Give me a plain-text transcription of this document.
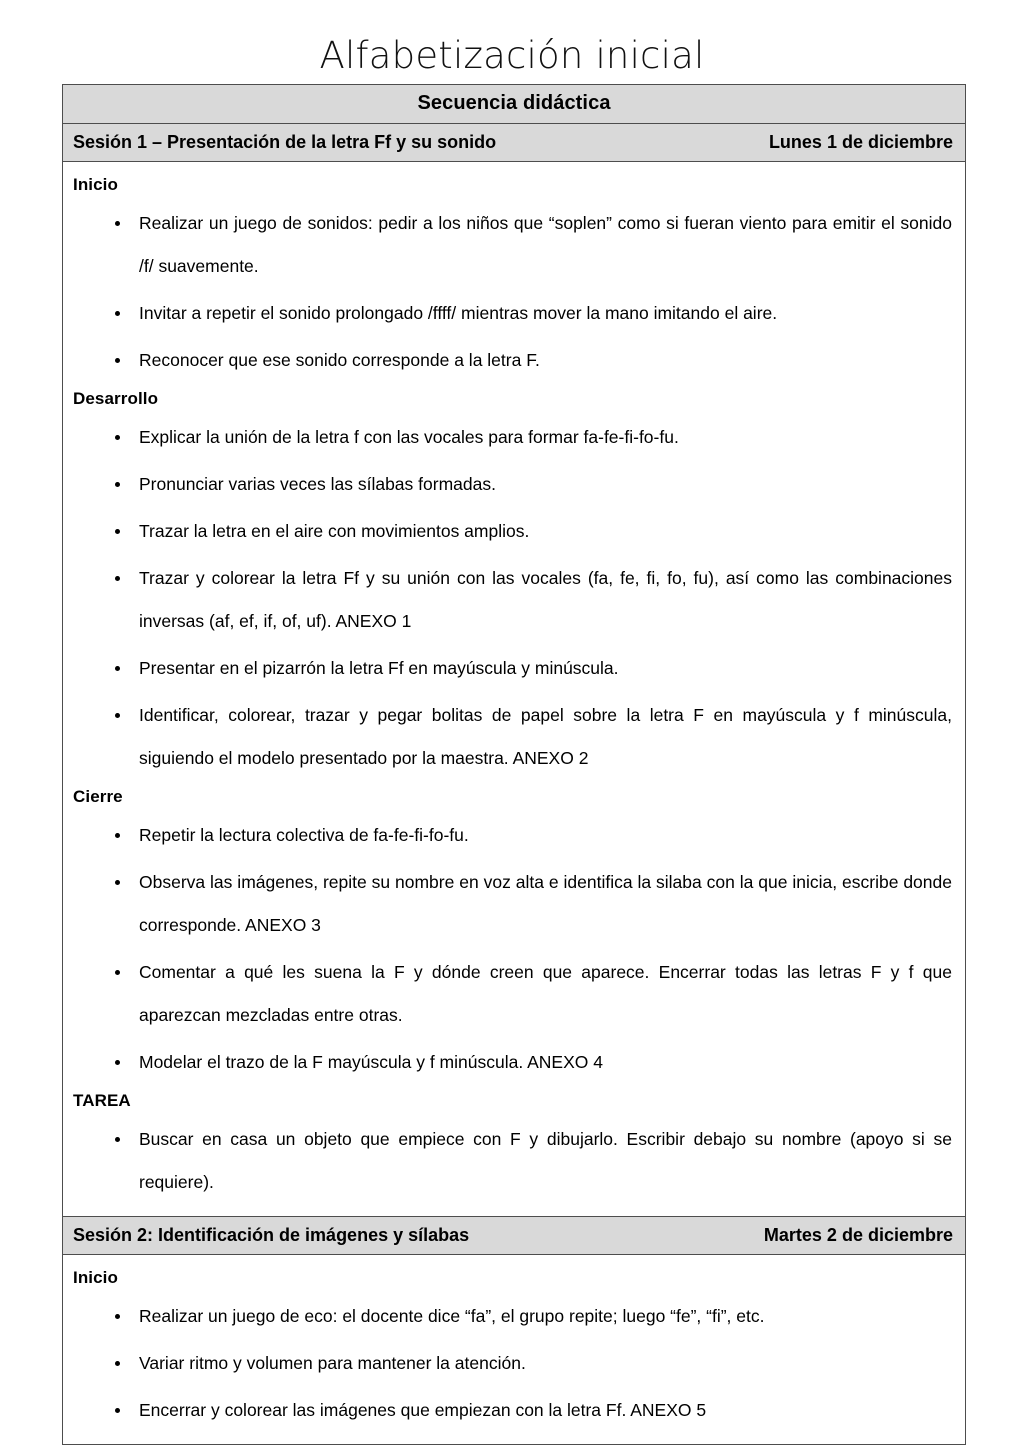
Alfabetización inicial
Secuencia didáctica

Sesión 1 – Presentación de la letra Ff y su sonido	Lunes 1 de diciembre

Inicio
Realizar un juego de sonidos: pedir a los niños que “soplen” como si fueran viento para emitir el sonido /f/ suavemente.
Invitar a repetir el sonido prolongado /ffff/ mientras mover la mano imitando el aire.
Reconocer que ese sonido corresponde a la letra F.
Desarrollo
Explicar la unión de la letra f con las vocales para formar fa-fe-fi-fo-fu.
Pronunciar varias veces las sílabas formadas.
Trazar la letra en el aire con movimientos amplios.
Trazar y colorear la letra Ff y su unión con las vocales (fa, fe, fi, fo, fu), así como las combinaciones inversas (af, ef, if, of, uf). ANEXO 1
Presentar en el pizarrón la letra Ff en mayúscula y minúscula.
Identificar, colorear, trazar y pegar bolitas de papel sobre la letra F en mayúscula y f minúscula, siguiendo el modelo presentado por la maestra. ANEXO 2
Cierre
Repetir la lectura colectiva de fa-fe-fi-fo-fu.
Observa las imágenes, repite su nombre en voz alta e identifica la silaba con la que inicia, escribe donde corresponde. ANEXO 3
Comentar a qué les suena la F y dónde creen que aparece. Encerrar todas las letras F y f que aparezcan mezcladas entre otras.
Modelar el trazo de la F mayúscula y f minúscula. ANEXO 4
TAREA
Buscar en casa un objeto que empiece con F y dibujarlo. Escribir debajo su nombre (apoyo si se requiere).

Sesión 2: Identificación de imágenes y sílabas	Martes 2 de diciembre

Inicio
Realizar un juego de eco: el docente dice “fa”, el grupo repite; luego “fe”, “fi”, etc.
Variar ritmo y volumen para mantener la atención.
Encerrar y colorear las imágenes que empiezan con la letra Ff. ANEXO 5
